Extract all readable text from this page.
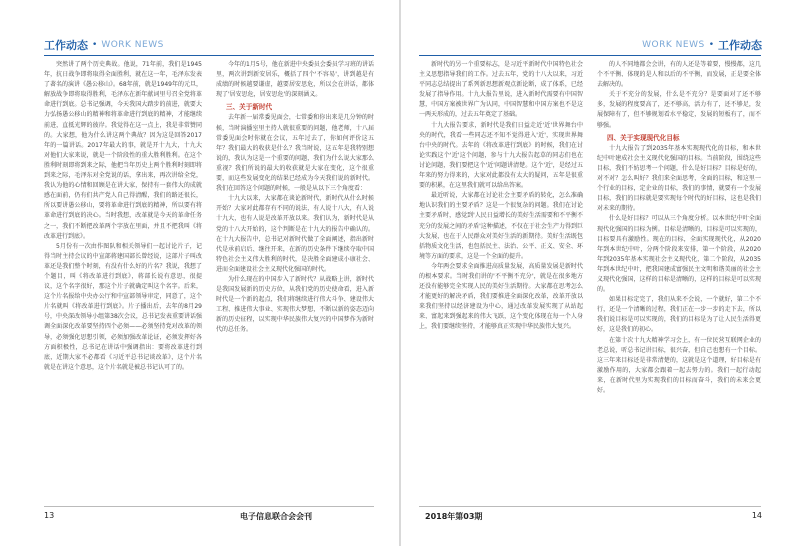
工作动态 • WORK NEWS

突然讲了两个历史典故。他说，71年前，我们是1945年，抗日战争即将取得全面胜利，就在这一年，毛泽东发表了著名的演讲《愚公移山》。68年前，就是1949年的元旦，解放战争即将取得胜利，毛泽东在新年献词里号召全党将革命进行到底。总书记强调，今天我国大踏步的前进，就要大力弘扬愚公移山的精神和将革命进行到底的精神，才能继续前进，直抵光辉的彼岸。我觉得在这一点上，我是非常赞同的。大家想，他为什么讲这两个典故？因为这是回答2017年的一篇讲话。2017年最大的事，就是开十九大，十九大对他们大家来说，就是一个阶段性的重大胜利胜利。在这个胜利时刻即将到来之际，他把当年历史上两个胜利时刻即将到来之际，毛泽东对全党说的话，拿出来，再次讲给全党，我认为他的心情和回顾是在讲大家，保持有一套伟大的成就感在面前，仍有们共产党人自己得清醒，我们的路还很长，所以要讲愚公移山，要将革命进行到底的精神，所以要有将革命进行到底的决心。当时我想，改革就是今天的革命任务之一，我们不断把改革两个字放在里面，并且不把我叫《将改革进行到底》。

5月份有一次由作图队和相关领导们一起讨论片子，记得当时主持会议的中宣部蒋建国部长曾经说，这部片子叫改革还是我们整个时刻，有没有什么好的片名？我说，我想了个题目，叫《将改革进行到底》，蒋部长说有意思，很提议，这个名字很好，那这个片子就确定叫这个名字。后来，这个片名报给中央办公厅和中宣部领导审定，同意了，这个片名就叫《将改革进行到底》。片子播出后，去年的8月29号，中央深改领导小组第38次会议，总书记发表重要讲话强调全面深化改革要坚持四个必须——必须坚持党对改革的领导，必须强化思想引领，必须加强改革论证，必须发挥好各方面积极性，总书记在讲话中强调指出：要将改革进行到底，近期大家不必都看《习近平总书记谈改革》，这个片名就是在讲这个意思，这个片名就是被总书记认可了的。

今年的1月5号，他在新进中央委员会委员学习班的讲话里，两次讲到新安居乐，概括了四个'不容易'，讲到越是有成绩的时候越要谦虚，越要居安思危，所以会在讲话，都体现了'居安思危，居安思危'的深刻涵义。

三、关于新时代

去年新一届常委见面会，七常委和你出来是几分钟的时候，当时演播室里主持人就很重要的问题，他老师，十八届常委见面会时你就在会议，五年过去了，你如何评价这五年？我们最大的收获是什么？我当时说，这五年是我特别想说的，我认为这是一个重要的问题，我们为什么说大家那么重视？我们所说的最大的收获就是大家在变化，这个很重要，而这些发展变化的结果已经成为今天我们说的新时代。我们在回答这个问题的时候，一般是从以下三个角度看：

十九大以来，大家都在谈论新时代，新时代从什么时候开始？大家对此都存有不同的说法，有人说十八大，有人说十九大，也有人说是改革开放以来。我们认为，新时代是从党的十八大开始的，这个判断是在十九大的报告中确认的。在十九大报告中，总书记对新时代做了全面阐述，指出新时代是承前启后、继往开来，在新的历史条件下继续夺取中国特色社会主义伟大胜利的时代，是决胜全面建成小康社会、进而全面建设社会主义现代化强国的时代。

为什么现在的中国步入了新时代？从战略上讲，新时代是我国发展新的历史方位，从我们党的历史使命看，进入新时代是一个新的起点，我们将继续进行伟大斗争、建设伟大工程、推进伟大事业、实现伟大梦想，不断以新的姿态迈向新的历史征程，以实现中华民族伟大复兴的中国梦作为新时代的总任务。

13	电子信息联合会会刊
WORK NEWS • 工作动态

新时代的另一个重要标志，是习近平新时代中国特色社会主义思想指导我们的工作。过去五年，党的十八大以来，习近平同志总结提出了系列新思想新观点新论断，成了体系，已经发展了指导作用。十九大报告里说，进入新时代需要有中国智慧，中国方案被世界广为认同，中国智慧和中国方案也不是这一两天形成的，过去五年奠定了基础。

十九大报告要求，新时代是我们日益走近'近'世界舞台中央的时代，我看一些同志还不知不觉得进入'近'，实现世界舞台中央的时代。去年的《将改革进行到底》的时候，我们在讨论实践这个'近'这个问题，参与十九大报告起草的同志们也在讨论问题，我们要把这个'近'问题讲清楚。这个'近'，是经过五年来的努力得来的，大家对此都没有太大的疑问，五年是很重要的积累，在这里我们就可以给出答案。

最近听说，大家都在讨论社会主要矛盾的转化，怎么准确地认识我们的主要矛盾？这是一个很复杂的问题。我们在讨论主要矛盾时，感觉到'人民日益增长的美好生活需要和不平衡不充分的发展之间的矛盾'这种描述，不仅在于社会生产力得到巨大发展，也在于人民群众对美好生活的新期待。美好生活既包括物质文化生活，也包括民主、法治、公平、正义、安全、环境等方面的要求，这是一个全面的提升。

今年两会要求全面推进高质量发展，高质量发展是新时代的根本要求。当时我们讲的'不平衡不充分'，就是在很多地方还没有能够完全实现人民的美好生活期待。大家都在思考怎么才能更好的解决矛盾，我们要推进全面深化改革，改革开放以来我们坚持以经济建设为中心，通过改革发展实现了从站起来、富起来到强起来的伟大飞跃，这个变化体现在每一个人身上，我们要继续坚持，才能够真正实现中华民族伟大复兴。

的人不同地都会会讲，有的人还是等着要，慢慢都，这几个不平衡、体现的是人和以后的不平衡，而发展，正是要全体去解决的。

关于不充分的发展，什么是不充分？是要面对了还不够多，发展的程度要高了，还不够高，活力有了，还不够足，发展保障有了，但不够规划看水平稳定，发展的短板有了，而不够强。

四、关于实现现代化目标

十九大报告了到2035年基本实现现代化的目标，和本世纪中叶建成社会主义现代化强国的目标。当前阶段，围绕这些目标，我们不妨思考一个问题，什么是好目标？目标是好的，对不对？怎么叫好？我们来全面思考，全面的目标，和这里一个行业的目标，定企业的目标，我们的事情，就要有一个发展目标，我们的目标就是要实现每个时代的好目标，这也是我们对未来的期待。

什么是好目标？可以从三个角度分析。以本世纪中叶全面现代化强国的目标为例。目标是清晰的，目标是可以实现的，目标要具有激励性。现在的目标，全面实现现代化，从2020年到本世纪中叶，分两个阶段来安排，第一个阶段，从2020年到2035年基本实现社会主义现代化，第二个阶段，从2035年到本世纪中叶，把我国建成富强民主文明和谐美丽的社会主义现代化强国，这样的目标是清晰的，这样的目标是可以实现的。

如果目标定完了，我们从来不会说，一个就好，第二个不行，还是一个清晰的过程，我们正在一步一步的走下去，所以我们说目标是可以实现的，我们的目标是为了让人民生活得更好，这是我们的初心。

在第十次十九大精神学习会上，有一位民营互联网企业的老总说，听总书记讲目标，很兴奋，但自己也想有一个目标。这三年来目标还是非常清楚的，这就是这个道理，好目标是有激励作用的，大家都会跟着一起去努力的。我们一起行动起来，在新时代里为实现我们的目标而奋斗，我们的未来会更好。

2018年第03期	14
